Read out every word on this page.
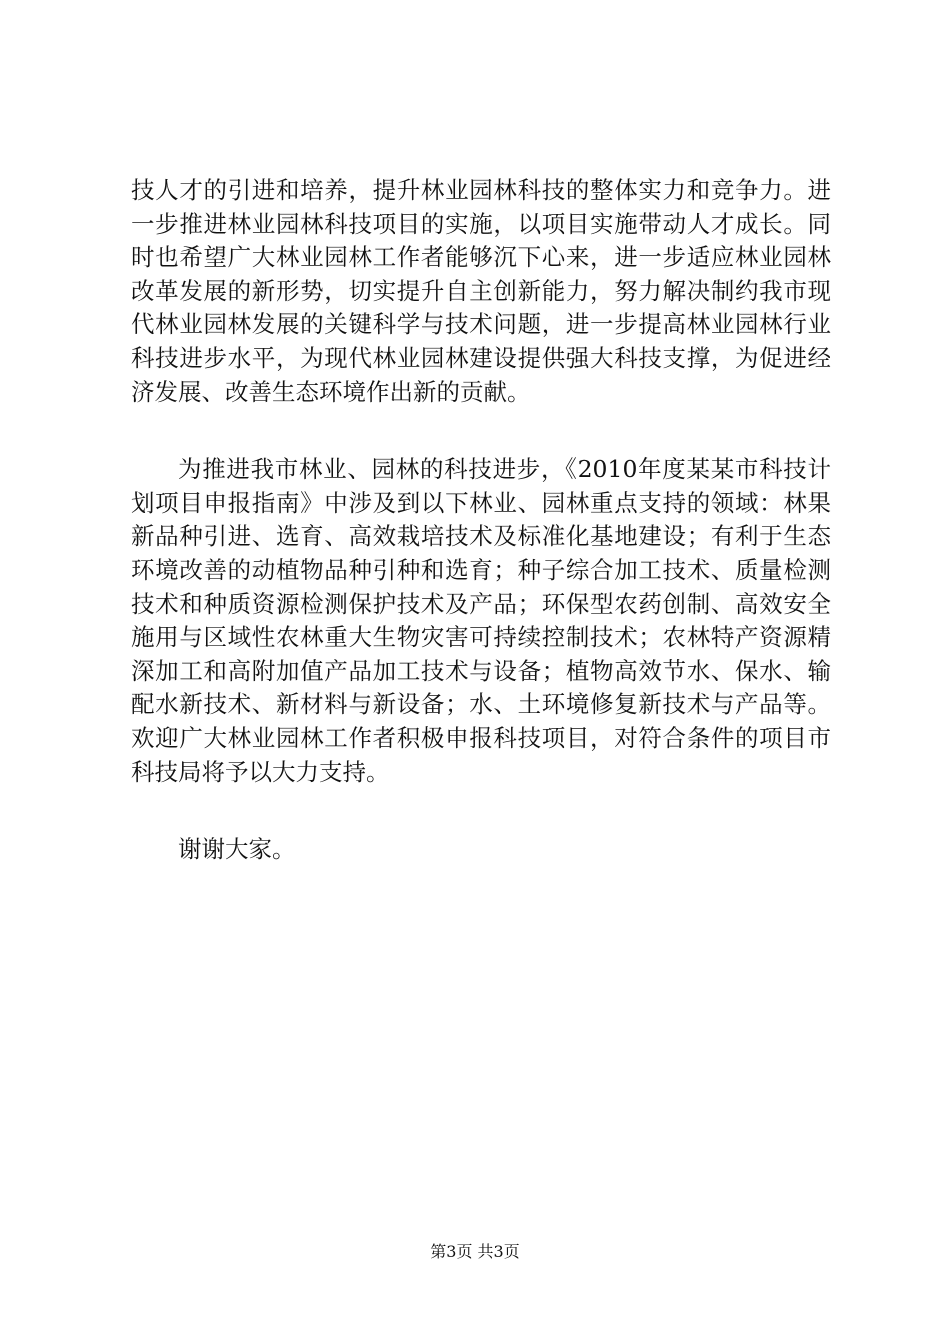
技人才的引进和培养，提升林业园林科技的整体实力和竞争力。进一步推进林业园林科技项目的实施，以项目实施带动人才成长。同时也希望广大林业园林工作者能够沉下心来，进一步适应林业园林改革发展的新形势，切实提升自主创新能力，努力解决制约我市现代林业园林发展的关键科学与技术问题，进一步提高林业园林行业科技进步水平，为现代林业园林建设提供强大科技支撑，为促进经济发展、改善生态环境作出新的贡献。

为推进我市林业、园林的科技进步，《2010年度某某市科技计划项目申报指南》中涉及到以下林业、园林重点支持的领域：林果新品种引进、选育、高效栽培技术及标准化基地建设；有利于生态环境改善的动植物品种引种和选育；种子综合加工技术、质量检测技术和种质资源检测保护技术及产品；环保型农药创制、高效安全施用与区域性农林重大生物灾害可持续控制技术；农林特产资源精深加工和高附加值产品加工技术与设备；植物高效节水、保水、输配水新技术、新材料与新设备；水、土环境修复新技术与产品等。欢迎广大林业园林工作者积极申报科技项目，对符合条件的项目市科技局将予以大力支持。

谢谢大家。

第3页 共3页
